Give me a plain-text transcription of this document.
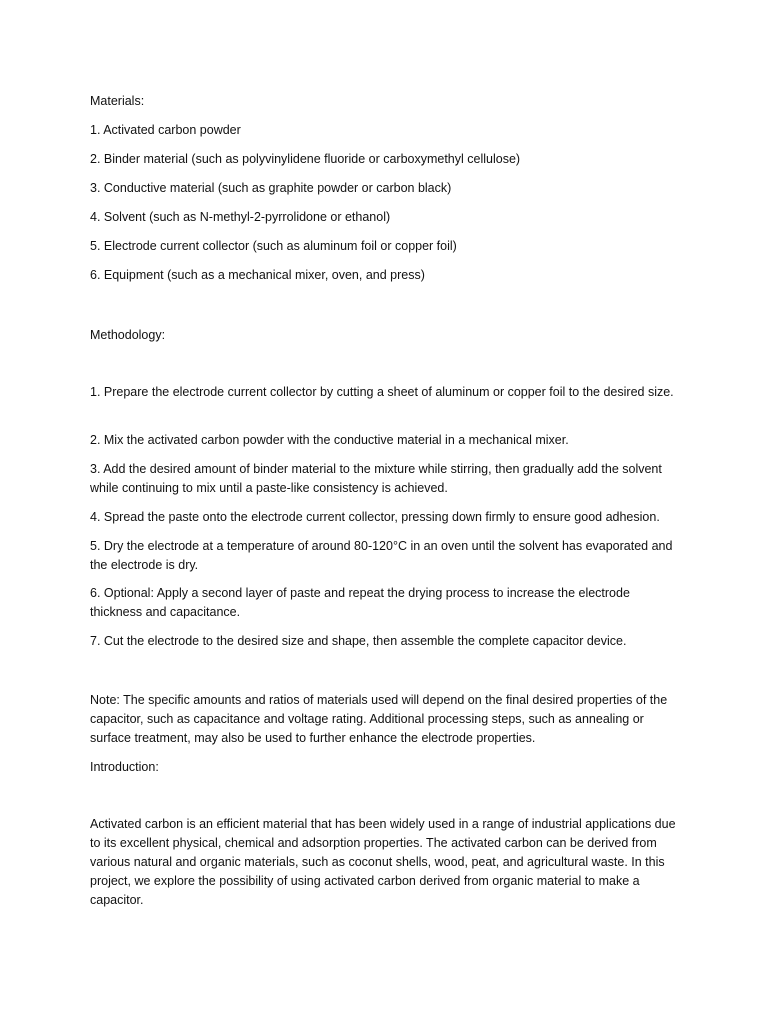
Materials:

1. Activated carbon powder

2. Binder material (such as polyvinylidene fluoride or carboxymethyl cellulose)

3. Conductive material (such as graphite powder or carbon black)

4. Solvent (such as N-methyl-2-pyrrolidone or ethanol)

5. Electrode current collector (such as aluminum foil or copper foil)

6. Equipment (such as a mechanical mixer, oven, and press)

Methodology:

1. Prepare the electrode current collector by cutting a sheet of aluminum or copper foil to the desired size.

2. Mix the activated carbon powder with the conductive material in a mechanical mixer.

3. Add the desired amount of binder material to the mixture while stirring, then gradually add the solvent while continuing to mix until a paste-like consistency is achieved.

4. Spread the paste onto the electrode current collector, pressing down firmly to ensure good adhesion.

5. Dry the electrode at a temperature of around 80-120°C in an oven until the solvent has evaporated and the electrode is dry.

6. Optional: Apply a second layer of paste and repeat the drying process to increase the electrode thickness and capacitance.

7. Cut the electrode to the desired size and shape, then assemble the complete capacitor device.

Note: The specific amounts and ratios of materials used will depend on the final desired properties of the capacitor, such as capacitance and voltage rating. Additional processing steps, such as annealing or surface treatment, may also be used to further enhance the electrode properties.

Introduction:

Activated carbon is an efficient material that has been widely used in a range of industrial applications due to its excellent physical, chemical and adsorption properties. The activated carbon can be derived from various natural and organic materials, such as coconut shells, wood, peat, and agricultural waste. In this project, we explore the possibility of using activated carbon derived from organic material to make a capacitor.
